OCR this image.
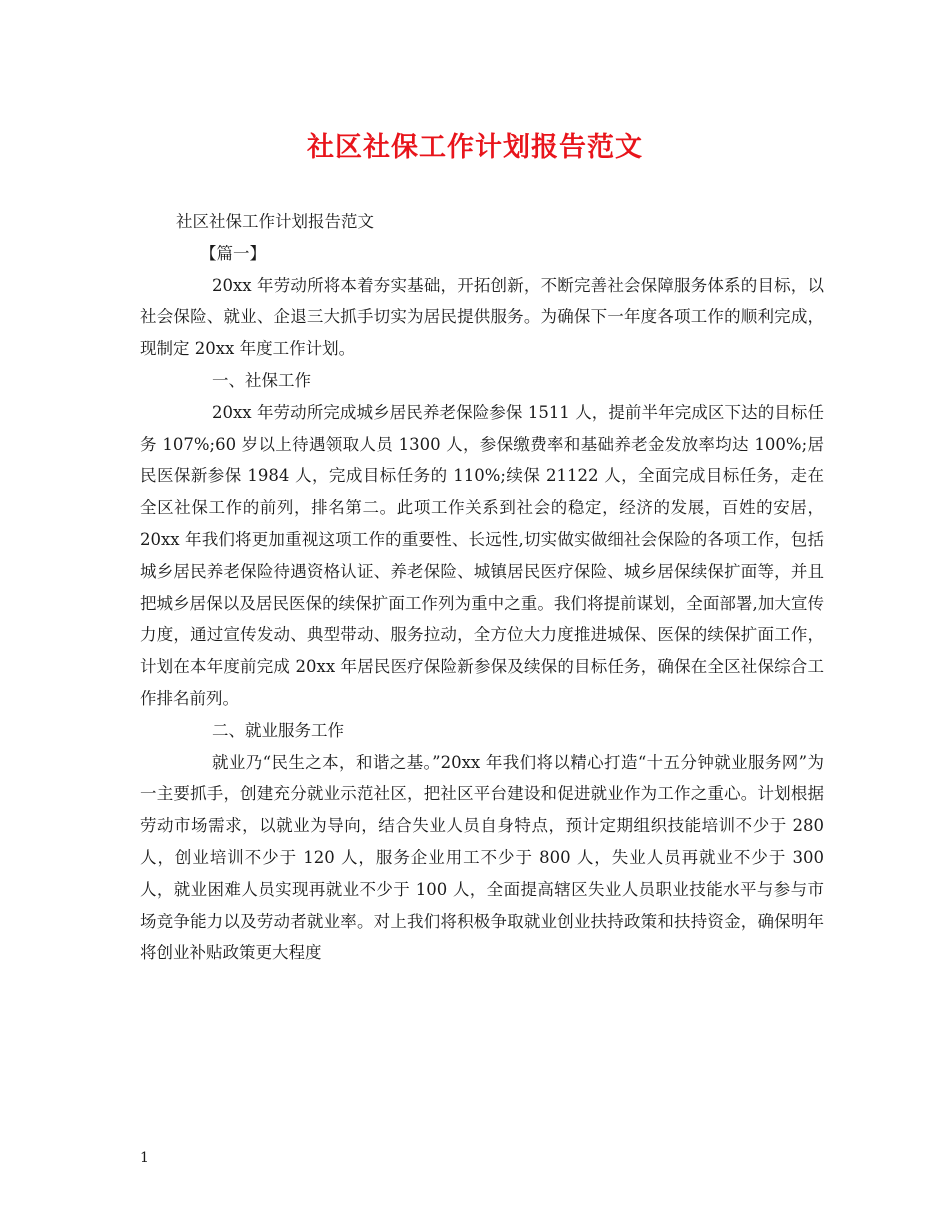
社区社保工作计划报告范文

社区社保工作计划报告范文

【篇一】

20xx 年劳动所将本着夯实基础，开拓创新，不断完善社会保障服务体系的目标，以社会保险、就业、企退三大抓手切实为居民提供服务。为确保下一年度各项工作的顺利完成，现制定 20xx 年度工作计划。

一、社保工作

20xx 年劳动所完成城乡居民养老保险参保 1511 人，提前半年完成区下达的目标任务 107%;60 岁以上待遇领取人员 1300 人，参保缴费率和基础养老金发放率均达 100%;居民医保新参保 1984 人，完成目标任务的 110%;续保 21122 人，全面完成目标任务，走在全区社保工作的前列，排名第二。此项工作关系到社会的稳定，经济的发展，百姓的安居，20xx 年我们将更加重视这项工作的重要性、长远性,切实做实做细社会保险的各项工作，包括城乡居民养老保险待遇资格认证、养老保险、城镇居民医疗保险、城乡居保续保扩面等，并且把城乡居保以及居民医保的续保扩面工作列为重中之重。我们将提前谋划，全面部署,加大宣传力度，通过宣传发动、典型带动、服务拉动，全方位大力度推进城保、医保的续保扩面工作，计划在本年度前完成 20xx 年居民医疗保险新参保及续保的目标任务，确保在全区社保综合工作排名前列。

二、就业服务工作

就业乃“民生之本，和谐之基。”20xx 年我们将以精心打造“十五分钟就业服务网”为一主要抓手，创建充分就业示范社区，把社区平台建设和促进就业作为工作之重心。计划根据劳动市场需求，以就业为导向，结合失业人员自身特点，预计定期组织技能培训不少于 280 人，创业培训不少于 120 人，服务企业用工不少于 800 人，失业人员再就业不少于 300 人，就业困难人员实现再就业不少于 100 人，全面提高辖区失业人员职业技能水平与参与市场竞争能力以及劳动者就业率。对上我们将积极争取就业创业扶持政策和扶持资金，确保明年将创业补贴政策更大程度

1
